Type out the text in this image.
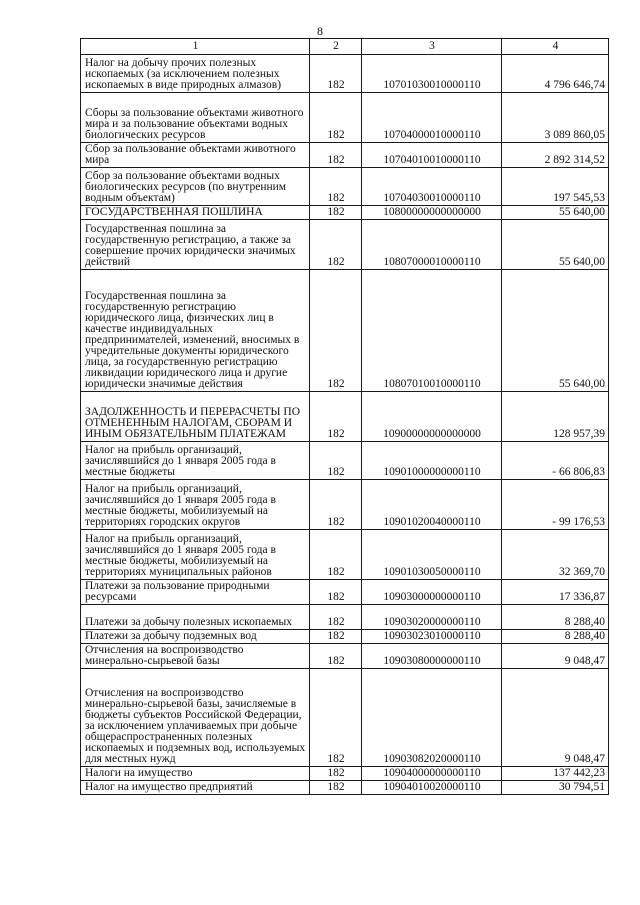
8
1	2	3	4
Налог на добычу прочих полезных ископаемых (за исключением полезных ископаемых в виде природных алмазов)	182	10701030010000110	4 796 646,74
Сборы за пользование объектами животного мира и за пользование объектами водных биологических ресурсов	182	10704000010000110	3 089 860,05
Сбор за пользование объектами животного мира	182	10704010010000110	2 892 314,52
Сбор за пользование объектами водных биологических ресурсов (по внутренним водным объектам)	182	10704030010000110	197 545,53
ГОСУДАРСТВЕННАЯ ПОШЛИНА	182	10800000000000000	55 640,00
Государственная пошлина за государственную регистрацию, а также за совершение прочих юридически значимых действий	182	10807000010000110	55 640,00
Государственная пошлина за государственную регистрацию юридического лица, физических лиц в качестве индивидуальных предпринимателей, изменений, вносимых в учредительные документы юридического лица, за государственную регистрацию ликвидации юридического лица и другие юридически значимые действия	182	10807010010000110	55 640,00
ЗАДОЛЖЕННОСТЬ И ПЕРЕРАСЧЕТЫ ПО ОТМЕНЕННЫМ НАЛОГАМ, СБОРАМ И ИНЫМ ОБЯЗАТЕЛЬНЫМ ПЛАТЕЖАМ	182	10900000000000000	128 957,39
Налог на прибыль организаций, зачислявшийся до 1 января 2005 года в местные бюджеты	182	10901000000000110	- 66 806,83
Налог на прибыль организаций, зачислявшийся до 1 января 2005 года в местные бюджеты, мобилизуемый на территориях городских округов	182	10901020040000110	- 99 176,53
Налог на прибыль организаций, зачислявшийся до 1 января 2005 года в местные бюджеты, мобилизуемый на территориях муниципальных районов	182	10901030050000110	32 369,70
Платежи за пользование природными ресурсами	182	10903000000000110	17 336,87
Платежи за добычу полезных ископаемых	182	10903020000000110	8 288,40
Платежи за добычу подземных вод	182	10903023010000110	8 288,40
Отчисления на воспроизводство минерально-сырьевой базы	182	10903080000000110	9 048,47
Отчисления на воспроизводство минерально-сырьевой базы, зачисляемые в бюджеты субъектов Российской Федерации, за исключением уплачиваемых при добыче общераспространенных полезных ископаемых и подземных вод, используемых для местных нужд	182	10903082020000110	9 048,47
Налоги на имущество	182	10904000000000110	137 442,23
Налог на имущество предприятий	182	10904010020000110	30 794,51
